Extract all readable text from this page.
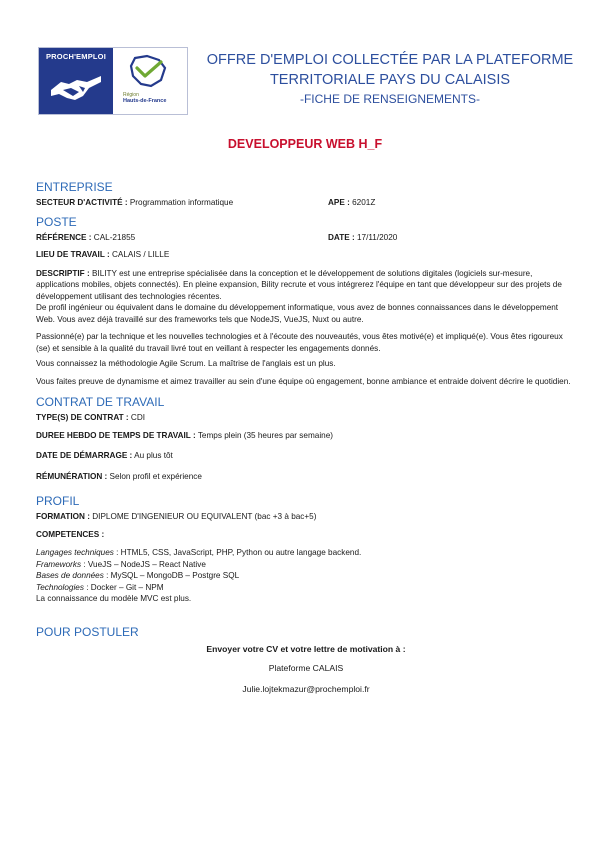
PROCH'EMPLOI
Région
Hauts-de-France
OFFRE D'EMPLOI COLLECTÉE PAR LA PLATEFORME
TERRITORIALE PAYS DU CALAISIS
-FICHE DE RENSEIGNEMENTS-
DEVELOPPEUR WEB H_F
ENTREPRISE
SECTEUR D'ACTIVITÉ : Programmation informatique	APE : 6201Z
POSTE
RÉFÉRENCE : CAL-21855	DATE : 17/11/2020
LIEU DE TRAVAIL : CALAIS / LILLE

DESCRIPTIF : BILITY est une entreprise spécialisée dans la conception et le développement de solutions digitales (logiciels sur-mesure, applications mobiles, objets connectés). En pleine expansion, Bility recrute et vous intégrerez l'équipe en tant que développeur sur des projets de développement utilisant des technologies récentes.

De profil ingénieur ou équivalent dans le domaine du développement informatique, vous avez de bonnes connaissances dans le développement Web. Vous avez déjà travaillé sur des frameworks tels que NodeJS, VueJS, Nuxt ou autre.

Passionné(e) par la technique et les nouvelles technologies et à l'écoute des nouveautés, vous êtes motivé(e) et impliqué(e). Vous êtes rigoureux (se) et sensible à la qualité du travail livré tout en veillant à respecter les engagements donnés.

Vous connaissez la méthodologie Agile Scrum. La maîtrise de l'anglais est un plus.

Vous faites preuve de dynamisme et aimez travailler au sein d'une équipe où engagement, bonne ambiance et entraide doivent décrire le quotidien.

CONTRAT DE TRAVAIL
TYPE(S) DE CONTRAT : CDI
DUREE HEBDO DE TEMPS DE TRAVAIL : Temps plein (35 heures par semaine)
DATE DE DÉMARRAGE : Au plus tôt
RÉMUNÉRATION : Selon profil et expérience
PROFIL
FORMATION : DIPLOME D'INGENIEUR OU EQUIVALENT (bac +3 à bac+5)
COMPETENCES :
Langages techniques : HTML5, CSS, JavaScript, PHP, Python ou autre langage backend.
Frameworks : VueJS – NodeJS – React Native
Bases de données : MySQL – MongoDB – Postgre SQL
Technologies : Docker – Git – NPM
La connaissance du modèle MVC est plus.
POUR POSTULER
Envoyer votre CV et votre lettre de motivation à :
Plateforme CALAIS
Julie.lojtekmazur@prochemploi.fr
